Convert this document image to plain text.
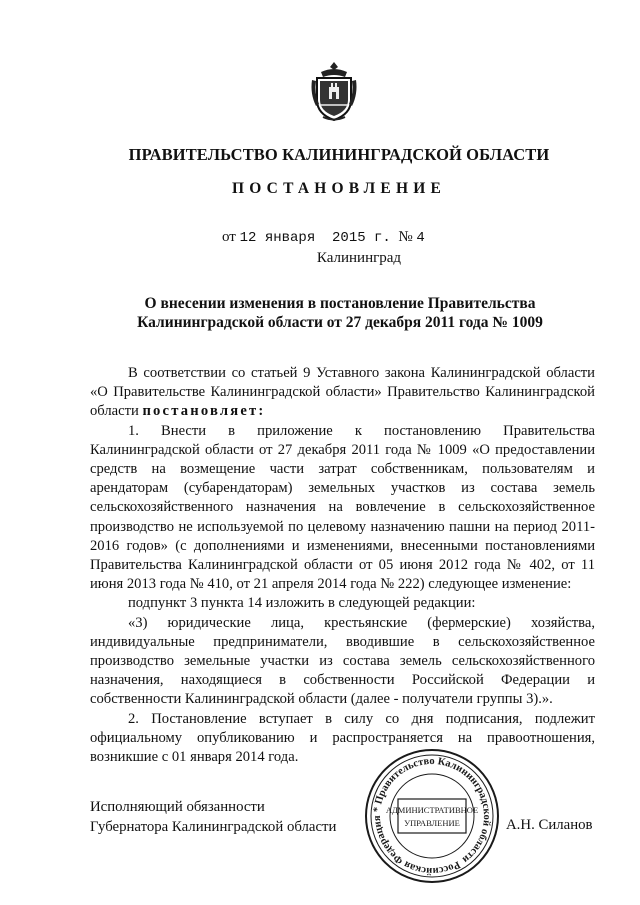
ПРАВИТЕЛЬСТВО КАЛИНИНГРАДСКОЙ ОБЛАСТИ
ПОСТАНОВЛЕНИЕ
от 12 января  2015 г. № 4
Калининград
О внесении изменения в постановление Правительства
Калининградской области от 27 декабря 2011 года № 1009

В соответствии со статьей 9 Уставного закона Калининградской области «О Правительстве Калининградской области» Правительство Калининградской области постановляет:

1. Внести в приложение к постановлению Правительства Калининградской области от 27 декабря 2011 года № 1009 «О предоставлении средств на возмещение части затрат собственникам, пользователям и арендаторам (субарендаторам) земельных участков из состава земель сельскохозяйственного назначения на вовлечение в сельскохозяйственное производство не используемой по целевому назначению пашни на период 2011-2016 годов» (с дополнениями и изменениями, внесенными постановлениями Правительства Калининградской области от 05 июня 2012 года № 402, от 11 июня 2013 года № 410, от 21 апреля 2014 года № 222) следующее изменение:

подпункт 3 пункта 14 изложить в следующей редакции:

«3) юридические лица, крестьянские (фермерские) хозяйства, индивидуальные предприниматели, вводившие в сельскохозяйственное производство земельные участки из состава земель сельскохозяйственного назначения, находящиеся в собственности Российской Федерации и собственности Калининградской области (далее - получатели группы 3).».

2. Постановление вступает в силу со дня подписания, подлежит официальному опубликованию и распространяется на правоотношения, возникшие с 01 января 2014 года.

Исполняющий обязанности
Губернатора Калининградской области	А.Н. Силанов
Российская Федерация * Правительство Калининградской области
АДМИНИСТРАТИВНОЕ
УПРАВЛЕНИЕ
